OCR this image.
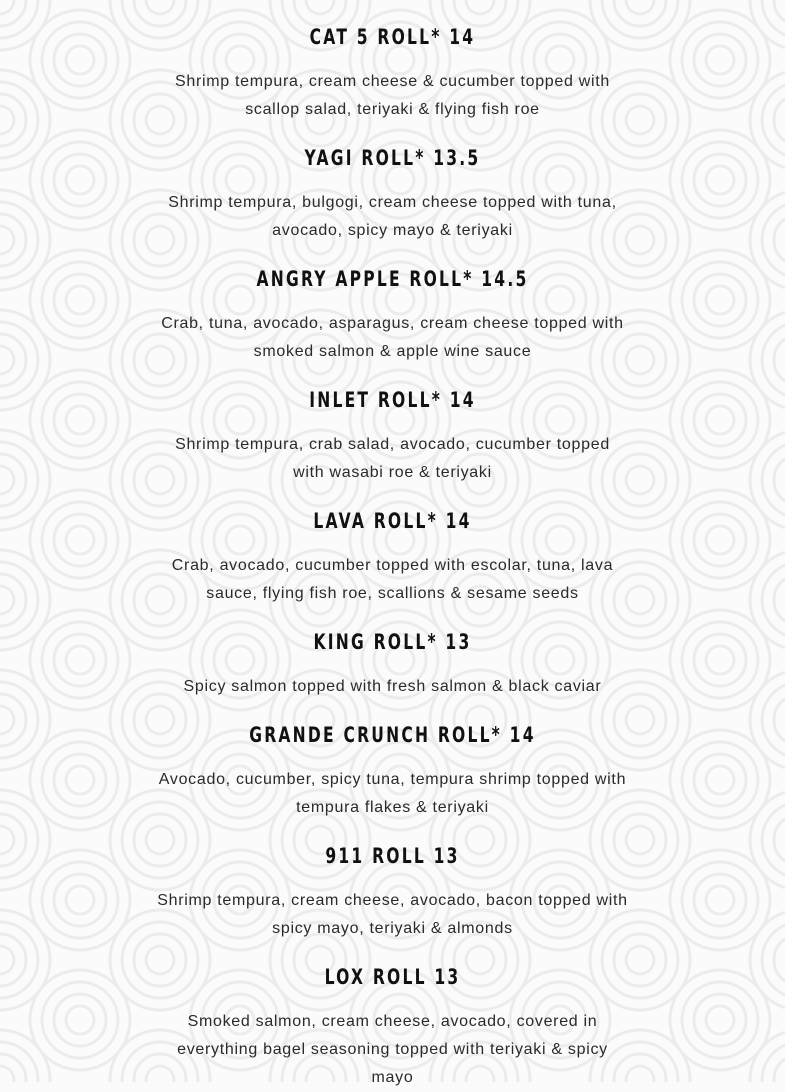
CAT 5 ROLL* 14

Shrimp tempura, cream cheese & cucumber topped with scallop salad, teriyaki & flying fish roe

YAGI ROLL* 13.5

Shrimp tempura, bulgogi, cream cheese topped with tuna, avocado, spicy mayo & teriyaki

ANGRY APPLE ROLL* 14.5

Crab, tuna, avocado, asparagus, cream cheese topped with smoked salmon & apple wine sauce

INLET ROLL* 14

Shrimp tempura, crab salad, avocado, cucumber topped with wasabi roe & teriyaki

LAVA ROLL* 14

Crab, avocado, cucumber topped with escolar, tuna, lava sauce, flying fish roe, scallions & sesame seeds

KING ROLL* 13

Spicy salmon topped with fresh salmon & black caviar

GRANDE CRUNCH ROLL* 14

Avocado, cucumber, spicy tuna, tempura shrimp topped with tempura flakes & teriyaki

911 ROLL 13

Shrimp tempura, cream cheese, avocado, bacon topped with spicy mayo, teriyaki & almonds

LOX ROLL 13

Smoked salmon, cream cheese, avocado, covered in everything bagel seasoning topped with teriyaki & spicy mayo
